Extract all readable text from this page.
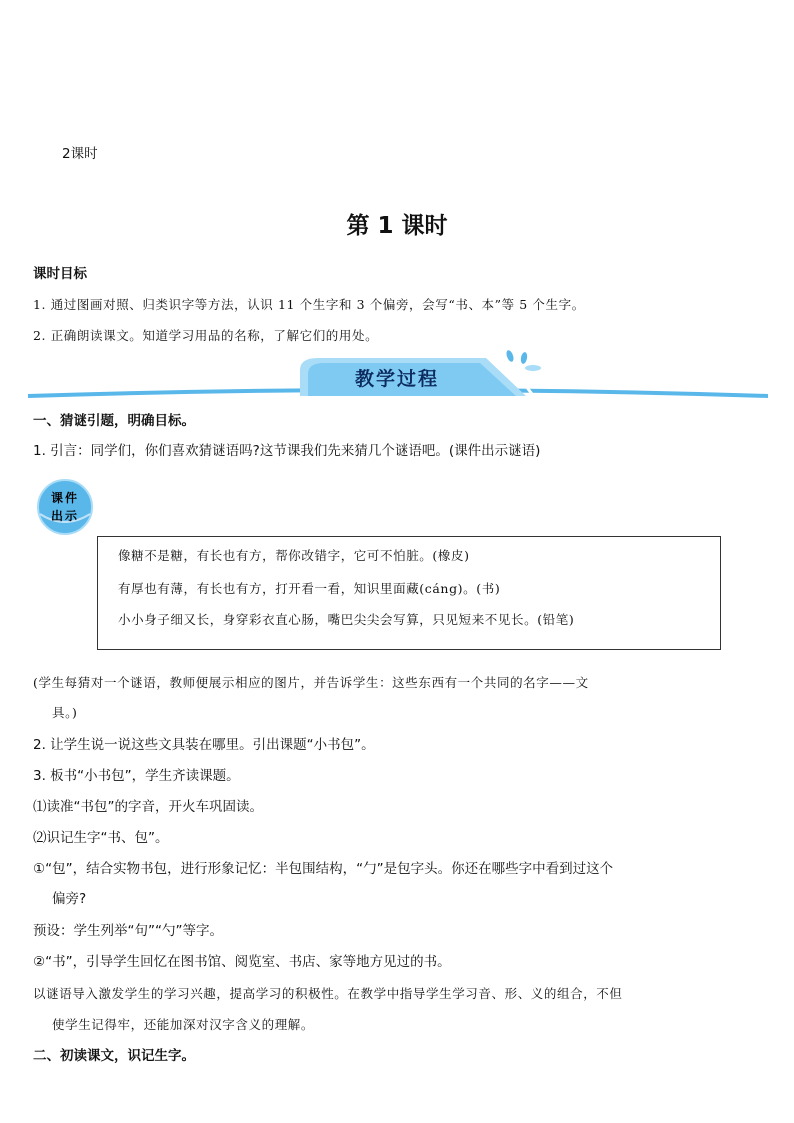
2课时
第 1 课时
课时目标
1. 通过图画对照、归类识字等方法，认识 11 个生字和 3 个偏旁，会写“书、本”等 5 个生字。
2. 正确朗读课文。知道学习用品的名称，了解它们的用处。
教学过程
一、猜谜引题，明确目标。
1. 引言：同学们，你们喜欢猜谜语吗?这节课我们先来猜几个谜语吧。(课件出示谜语)
课件
出示
像糖不是糖，有长也有方，帮你改错字，它可不怕脏。(橡皮)
有厚也有薄，有长也有方，打开看一看，知识里面藏(cáng)。(书)
小小身子细又长，身穿彩衣直心肠，嘴巴尖尖会写算，只见短来不见长。(铅笔)
(学生每猜对一个谜语，教师便展示相应的图片，并告诉学生：这些东西有一个共同的名字——文
具。)
2. 让学生说一说这些文具装在哪里。引出课题“小书包”。
3. 板书“小书包”，学生齐读课题。
⑴读准“书包”的字音，开火车巩固读。
⑵识记生字“书、包”。
①“包”，结合实物书包，进行形象记忆：半包围结构，“勹”是包字头。你还在哪些字中看到过这个
偏旁?
预设：学生列举“句”“勺”等字。
②“书”，引导学生回忆在图书馆、阅览室、书店、家等地方见过的书。
以谜语导入激发学生的学习兴趣，提高学习的积极性。在教学中指导学生学习音、形、义的组合，不但
使学生记得牢，还能加深对汉字含义的理解。
二、初读课文，识记生字。
